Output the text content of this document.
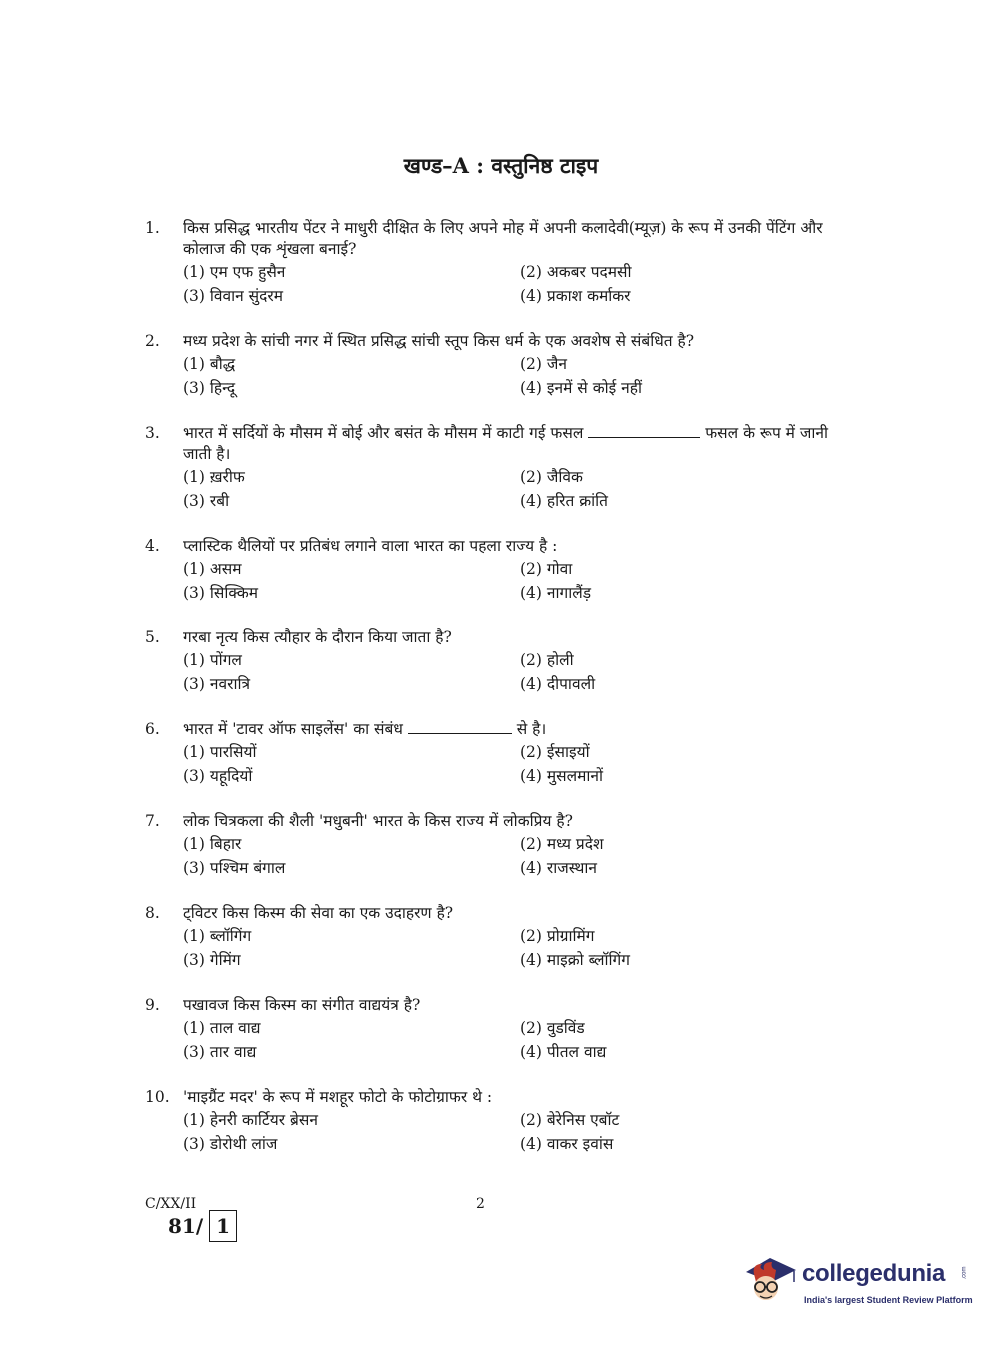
खण्ड–A : वस्तुनिष्ठ टाइप
1.	किस प्रसिद्ध भारतीय पेंटर ने माधुरी दीक्षित के लिए अपने मोह में अपनी कलादेवी(म्यूज़) के रूप में उनकी पेंटिंग और कोलाज की एक शृंखला बनाई?
(1) एम एफ हुसैन	(2) अकबर पदमसी
(3) विवान सुंदरम	(4) प्रकाश कर्माकर
2.	मध्य प्रदेश के सांची नगर में स्थित प्रसिद्ध सांची स्तूप किस धर्म के एक अवशेष से संबंधित है?
(1) बौद्ध	(2) जैन
(3) हिन्दू	(4) इनमें से कोई नहीं
3.	भारत में सर्दियों के मौसम में बोई और बसंत के मौसम में काटी गई फसल	फसल के रूप में जानी जाती है।
(1) ख़रीफ	(2) जैविक
(3) रबी	(4) हरित क्रांति
4.	प्लास्टिक थैलियों पर प्रतिबंध लगाने वाला भारत का पहला राज्य है :
(1) असम	(2) गोवा
(3) सिक्किम	(4) नागालैंड़
5.	गरबा नृत्य किस त्यौहार के दौरान किया जाता है?
(1) पोंगल	(2) होली
(3) नवरात्रि	(4) दीपावली
6.	भारत में 'टावर ऑफ साइलेंस' का संबंध	से है।
(1) पारसियों	(2) ईसाइयों
(3) यहूदियों	(4) मुसलमानों
7.	लोक चित्रकला की शैली 'मधुबनी' भारत के किस राज्य में लोकप्रिय है?
(1) बिहार	(2) मध्य प्रदेश
(3) पश्चिम बंगाल	(4) राजस्थान
8.	ट्विटर किस किस्म की सेवा का एक उदाहरण है?
(1) ब्लॉगिंग	(2) प्रोग्रामिंग
(3) गेमिंग	(4) माइक्रो ब्लॉगिंग
9.	पखावज किस किस्म का संगीत वाद्ययंत्र है?
(1) ताल वाद्य	(2) वुडविंड
(3) तार वाद्य	(4) पीतल वाद्य
10. 'माइग्रैंट मदर' के रूप में मशहूर फोटो के फोटोग्राफर थे :
(1) हेनरी कार्टियर ब्रेसन	(2) बेरेनिस एबॉट
(3) डोरोथी लांज	(4) वाकर इवांस
C/XX/II
81/ 1
2
collegedunia	.com
India's largest Student Review Platform
